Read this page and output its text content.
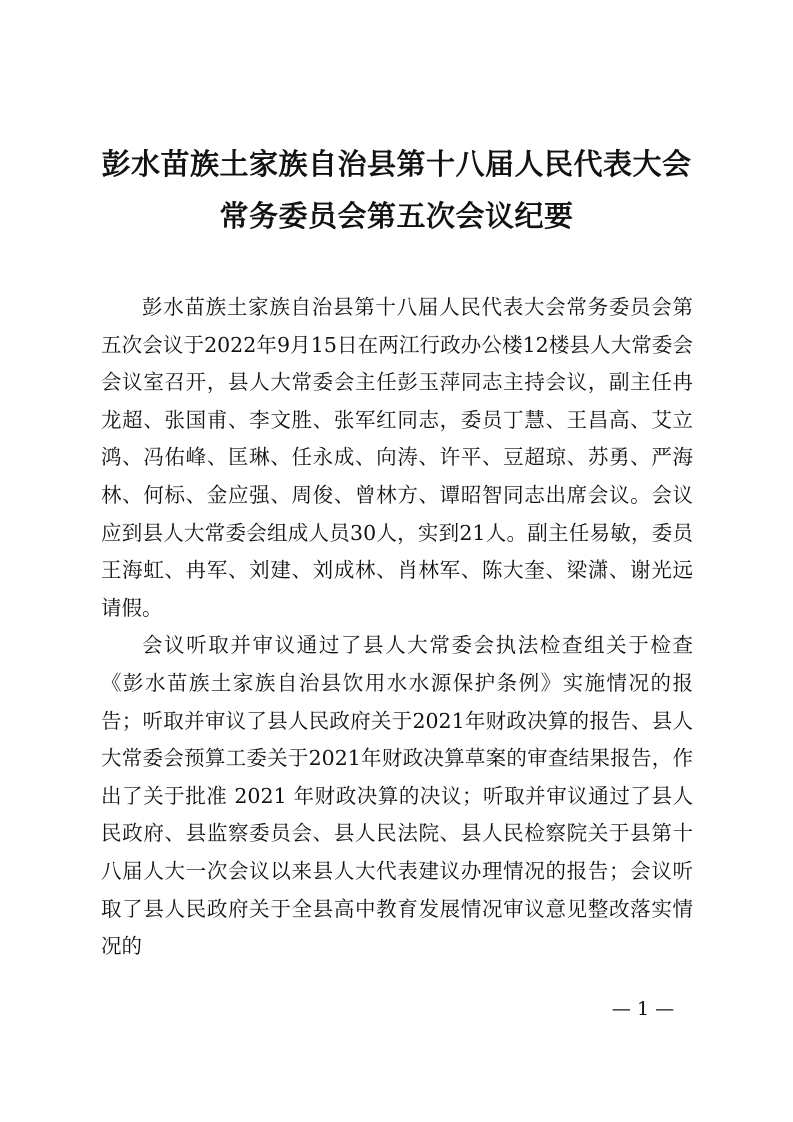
彭水苗族土家族自治县第十八届人民代表大会
常务委员会第五次会议纪要

彭水苗族土家族自治县第十八届人民代表大会常务委员会第五次会议于2022年9月15日在两江行政办公楼12楼县人大常委会会议室召开，县人大常委会主任彭玉萍同志主持会议，副主任冉龙超、张国甫、李文胜、张军红同志，委员丁慧、王昌高、艾立鸿、冯佑峰、匡琳、任永成、向涛、许平、豆超琼、苏勇、严海林、何标、金应强、周俊、曾林方、谭昭智同志出席会议。会议应到县人大常委会组成人员30人，实到21人。副主任易敏，委员王海虹、冉军、刘建、刘成林、肖林军、陈大奎、梁潇、谢光远请假。

会议听取并审议通过了县人大常委会执法检查组关于检查《彭水苗族土家族自治县饮用水水源保护条例》实施情况的报告；听取并审议了县人民政府关于2021年财政决算的报告、县人大常委会预算工委关于2021年财政决算草案的审查结果报告，作出了关于批准 2021 年财政决算的决议；听取并审议通过了县人民政府、县监察委员会、县人民法院、县人民检察院关于县第十八届人大一次会议以来县人大代表建议办理情况的报告；会议听取了县人民政府关于全县高中教育发展情况审议意见整改落实情况的

— 1 —
